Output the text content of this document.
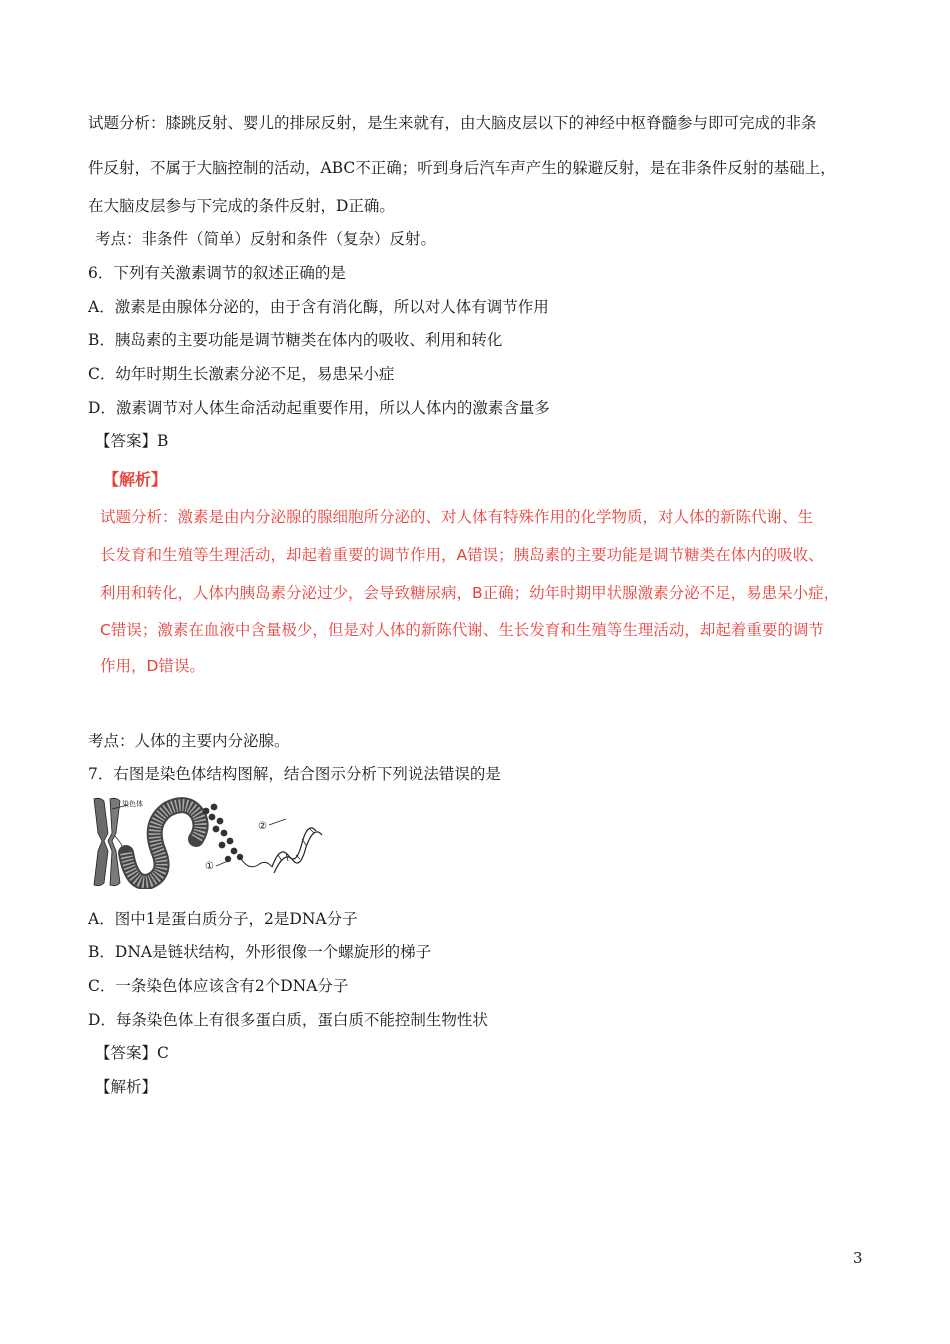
试题分析：膝跳反射、婴儿的排尿反射，是生来就有，由大脑皮层以下的神经中枢脊髓参与即可完成的非条
件反射，不属于大脑控制的活动，ABC不正确；听到身后汽车声产生的躲避反射，是在非条件反射的基础上，
在大脑皮层参与下完成的条件反射，D正确。
考点：非条件（简单）反射和条件（复杂）反射。
6．下列有关激素调节的叙述正确的是
A．激素是由腺体分泌的，由于含有消化酶，所以对人体有调节作用
B．胰岛素的主要功能是调节糖类在体内的吸收、利用和转化
C．幼年时期生长激素分泌不足，易患呆小症
D．激素调节对人体生命活动起重要作用，所以人体内的激素含量多
【答案】B
【解析】
试题分析：激素是由内分泌腺的腺细胞所分泌的、对人体有特殊作用的化学物质，对人体的新陈代谢、生
长发育和生殖等生理活动，却起着重要的调节作用，A错误；胰岛素的主要功能是调节糖类在体内的吸收、
利用和转化，人体内胰岛素分泌过少，会导致糖尿病，B正确；幼年时期甲状腺激素分泌不足，易患呆小症，
C错误；激素在血液中含量极少，但是对人体的新陈代谢、生长发育和生殖等生理活动，却起着重要的调节
作用，D错误。
考点：人体的主要内分泌腺。
7．右图是染色体结构图解，结合图示分析下列说法错误的是
染色体
①
②
A．图中1是蛋白质分子，2是DNA分子
B．DNA是链状结构，外形很像一个螺旋形的梯子
C．一条染色体应该含有2个DNA分子
D．每条染色体上有很多蛋白质，蛋白质不能控制生物性状
【答案】C
【解析】
3
